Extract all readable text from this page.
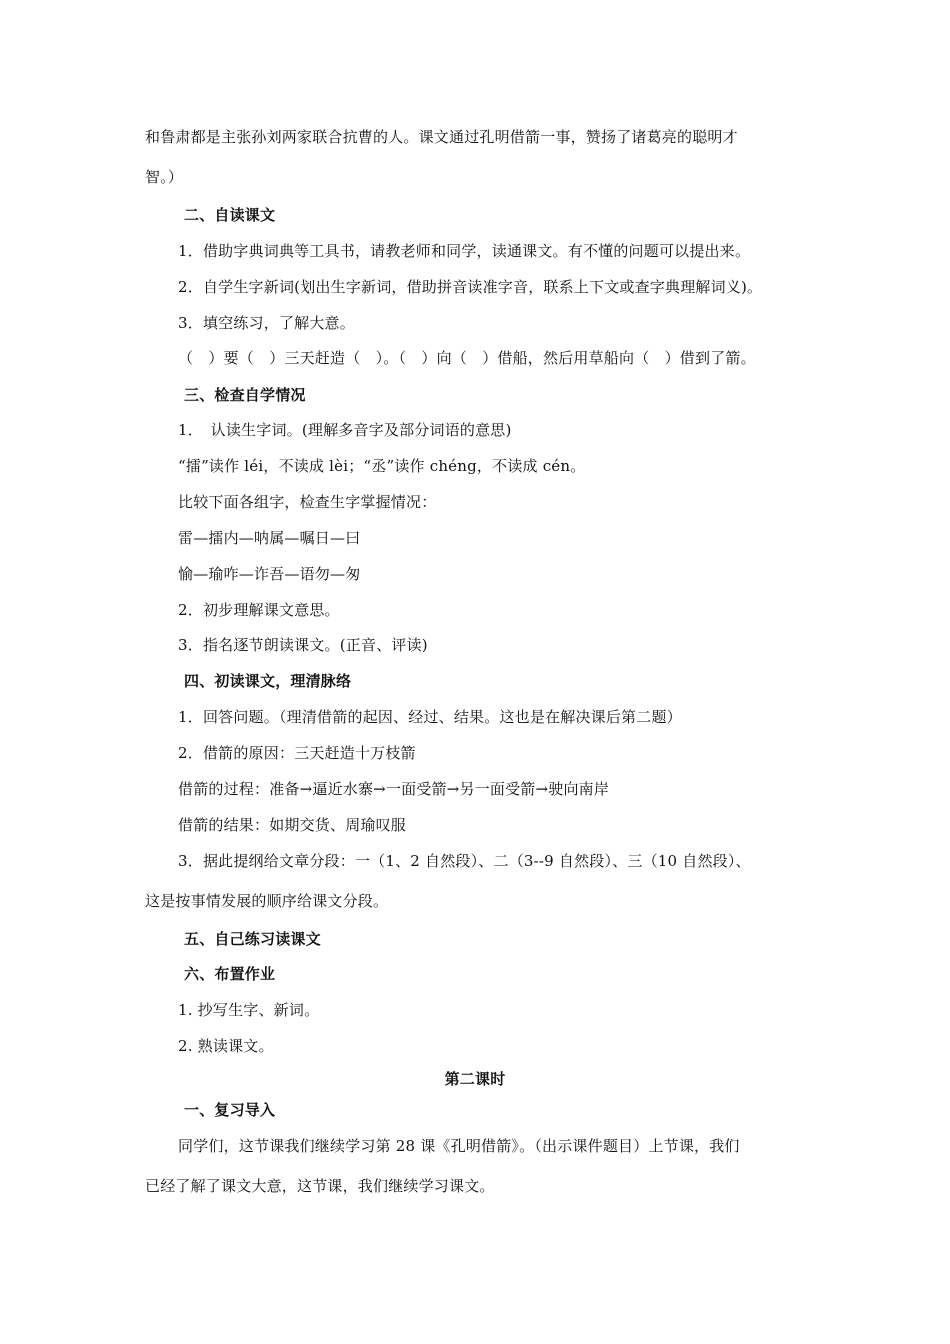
和鲁肃都是主张孙刘两家联合抗曹的人。课文通过孔明借箭一事，赞扬了诸葛亮的聪明才
智。）
二、自读课文
1．借助字典词典等工具书，请教老师和同学，读通课文。有不懂的问题可以提出来。
2．自学生字新词(划出生字新词，借助拼音读准字音，联系上下文或查字典理解词义)。
3．填空练习，了解大意。
（　）要（　）三天赶造（　）。（　）向（　）借船，然后用草船向（　）借到了箭。
三、检查自学情况
1．　认读生字词。(理解多音字及部分词语的意思)
“擂”读作 léi，不读成 lèi；“丞”读作 chéng，不读成 cén。
比较下面各组字，检查生字掌握情况：
雷—擂内—呐属—嘱日—曰
愉—瑜咋—诈吾—语勿—匆
2．初步理解课文意思。
3．指名逐节朗读课文。(正音、评读)
四、初读课文，理清脉络
1．回答问题。（理清借箭的起因、经过、结果。这也是在解决课后第二题）
2．借箭的原因：三天赶造十万枝箭
借箭的过程：准备→逼近水寨→一面受箭→另一面受箭→驶向南岸
借箭的结果：如期交货、周瑜叹服
3．据此提纲给文章分段：一（1、2 自然段）、二（3--9 自然段）、三（10 自然段）、
这是按事情发展的顺序给课文分段。
五、自己练习读课文
六、布置作业
1. 抄写生字、新词。
2. 熟读课文。
第二课时
一、复习导入
同学们，这节课我们继续学习第 28 课《孔明借箭》。（出示课件题目）上节课，我们
已经了解了课文大意，这节课，我们继续学习课文。
